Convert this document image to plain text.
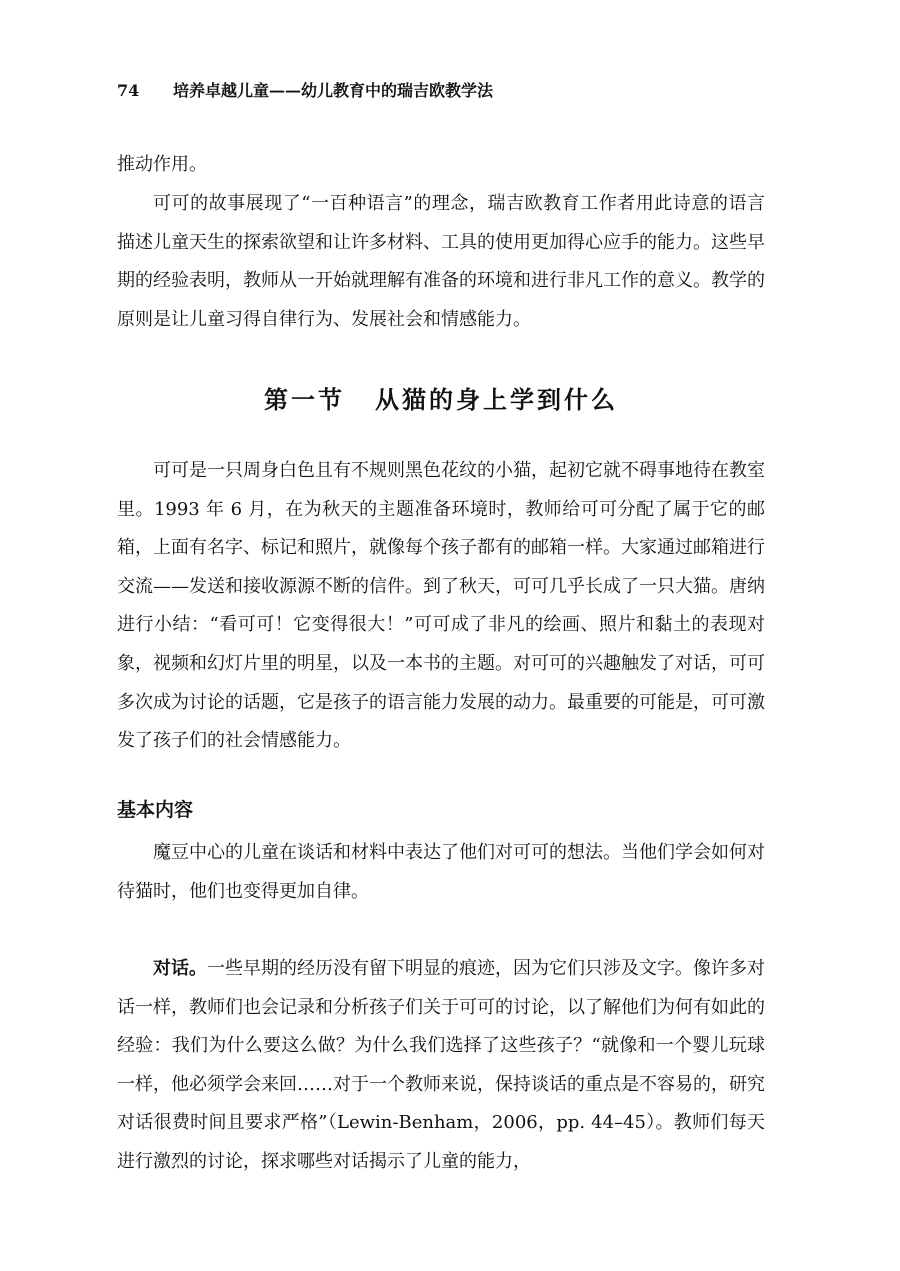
74 培养卓越儿童——幼儿教育中的瑞吉欧教学法

推动作用。

可可的故事展现了“一百种语言”的理念，瑞吉欧教育工作者用此诗意的语言描述儿童天生的探索欲望和让许多材料、工具的使用更加得心应手的能力。这些早期的经验表明，教师从一开始就理解有准备的环境和进行非凡工作的意义。教学的原则是让儿童习得自律行为、发展社会和情感能力。

第一节 从猫的身上学到什么

可可是一只周身白色且有不规则黑色花纹的小猫，起初它就不碍事地待在教室里。1993 年 6 月，在为秋天的主题准备环境时，教师给可可分配了属于它的邮箱，上面有名字、标记和照片，就像每个孩子都有的邮箱一样。大家通过邮箱进行交流——发送和接收源源不断的信件。到了秋天，可可几乎长成了一只大猫。唐纳进行小结：“看可可！它变得很大！”可可成了非凡的绘画、照片和黏土的表现对象，视频和幻灯片里的明星，以及一本书的主题。对可可的兴趣触发了对话，可可多次成为讨论的话题，它是孩子的语言能力发展的动力。最重要的可能是，可可激发了孩子们的社会情感能力。

基本内容

魔豆中心的儿童在谈话和材料中表达了他们对可可的想法。当他们学会如何对待猫时，他们也变得更加自律。

对话。一些早期的经历没有留下明显的痕迹，因为它们只涉及文字。像许多对话一样，教师们也会记录和分析孩子们关于可可的讨论，以了解他们为何有如此的经验：我们为什么要这么做？为什么我们选择了这些孩子？“就像和一个婴儿玩球一样，他必须学会来回……对于一个教师来说，保持谈话的重点是不容易的，研究对话很费时间且要求严格”（Lewin-Benham，2006，pp. 44–45）。教师们每天进行激烈的讨论，探求哪些对话揭示了儿童的能力，
